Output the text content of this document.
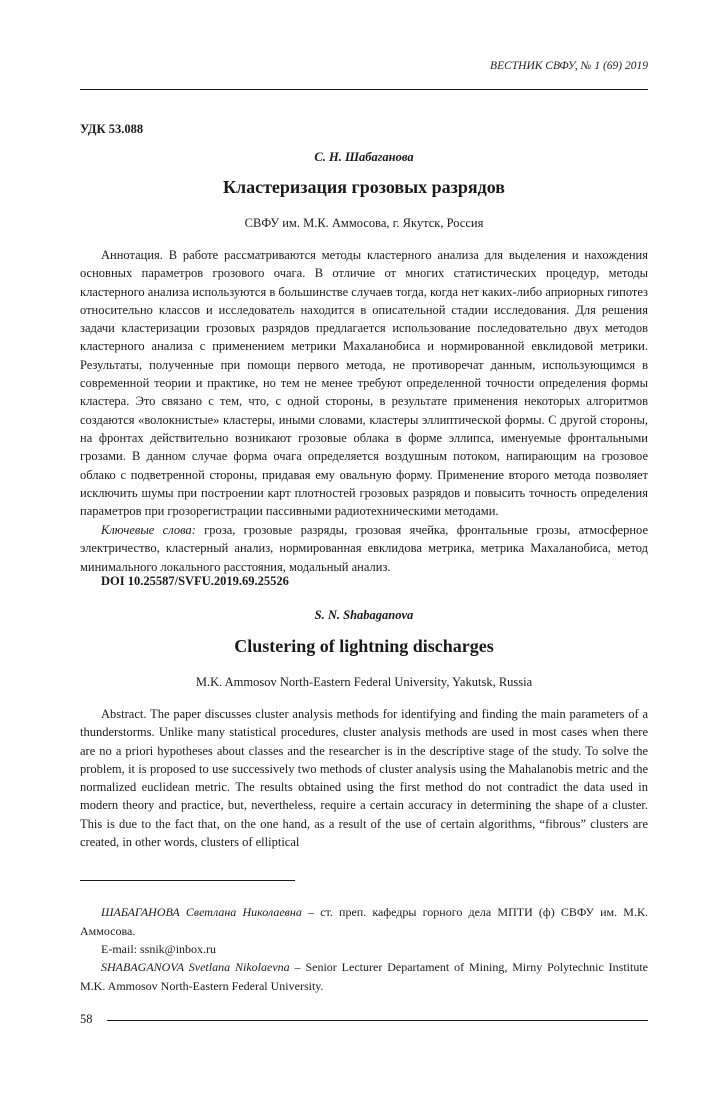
ВЕСТНИК СВФУ, № 1 (69) 2019
УДК 53.088
С. Н. Шабаганова
Кластеризация грозовых разрядов
СВФУ им. М.К. Аммосова, г. Якутск, Россия

Аннотация. В работе рассматриваются методы кластерного анализа для выделения и нахождения основных параметров грозового очага. В отличие от многих статистических процедур, методы кластерного анализа используются в большинстве случаев тогда, когда нет каких-либо априорных гипотез относительно классов и исследователь находится в описательной стадии исследования. Для решения задачи кластеризации грозовых разрядов предлагается использование последовательно двух методов кластерного анализа с применением метрики Махаланобиса и нормированной евклидовой метрики. Результаты, полученные при помощи первого метода, не противоречат данным, использующимся в современной теории и практике, но тем не менее требуют определенной точности определения формы кластера. Это связано с тем, что, с одной стороны, в результате применения некоторых алгоритмов создаются «волокнистые» кластеры, иными словами, кластеры эллиптической формы. С другой стороны, на фронтах действительно возникают грозовые облака в форме эллипса, именуемые фронтальными грозами. В данном случае форма очага определяется воздушным потоком, напирающим на грозовое облако с подветренной стороны, придавая ему овальную форму. Применение второго метода позволяет исключить шумы при построении карт плотностей грозовых разрядов и повысить точность определения параметров при грозорегистрации пассивными радиотехническими методами.

Ключевые слова: гроза, грозовые разряды, грозовая ячейка, фронтальные грозы, атмосферное электричество, кластерный анализ, нормированная евклидова метрика, метрика Махаланобиса, метод минимального локального расстояния, модальный анализ.

DOI 10.25587/SVFU.2019.69.25526
S. N. Shabaganova
Clustering of lightning discharges
M.K. Ammosov North-Eastern Federal University, Yakutsk, Russia

Abstract. The paper discusses cluster analysis methods for identifying and finding the main parameters of a thunderstorms. Unlike many statistical procedures, cluster analysis methods are used in most cases when there are no a priori hypotheses about classes and the researcher is in the descriptive stage of the study. To solve the problem, it is proposed to use successively two methods of cluster analysis using the Mahalanobis metric and the normalized euclidean metric. The results obtained using the first method do not contradict the data used in modern theory and practice, but, nevertheless, require a certain accuracy in determining the shape of a cluster. This is due to the fact that, on the one hand, as a result of the use of certain algorithms, “fibrous” clusters are created, in other words, clusters of elliptical

ШАБАГАНОВА Светлана Николаевна – ст. преп. кафедры горного дела МПТИ (ф) СВФУ им. М.К. Аммосова.

E-mail: ssnik@inbox.ru

SHABAGANOVA Svetlana Nikolaevna – Senior Lecturer Departament of Mining, Mirny Polytechnic Institute M.K. Ammosov North-Eastern Federal University.

58
